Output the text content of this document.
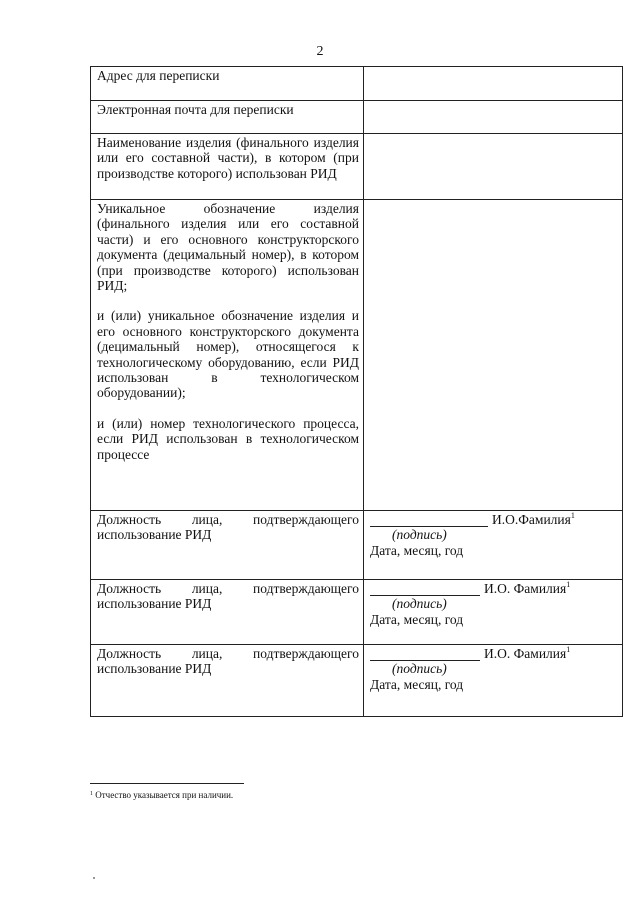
2
Адрес для переписки	
Электронная почта для переписки	
Наименование изделия (финального изделия или его составной части), в котором (при производстве которого) использован РИД	

Уникальное обозначение изделия (финального изделия или его составной части) и его основного конструкторского документа (децимальный номер), в котором (при производстве которого) использован РИД;
и (или) уникальное обозначение изделия и его основного конструкторского документа (децимальный номер), относящегося к технологическому оборудованию, если РИД использован в технологическом оборудовании);
и (или) номер технологического процесса, если РИД использован в технологическом процессе	

Должность лица, подтверждающего использование РИД	И.О.Фамилия$^1$
(подпись)
Дата, месяц, год

Должность лица, подтверждающего использование РИД	И.О. Фамилия$^1$
(подпись)
Дата, месяц, год

Должность лица, подтверждающего использование РИД	И.О. Фамилия$^1$
(подпись)
Дата, месяц, год
$^1$ Отчество указывается при наличии.
